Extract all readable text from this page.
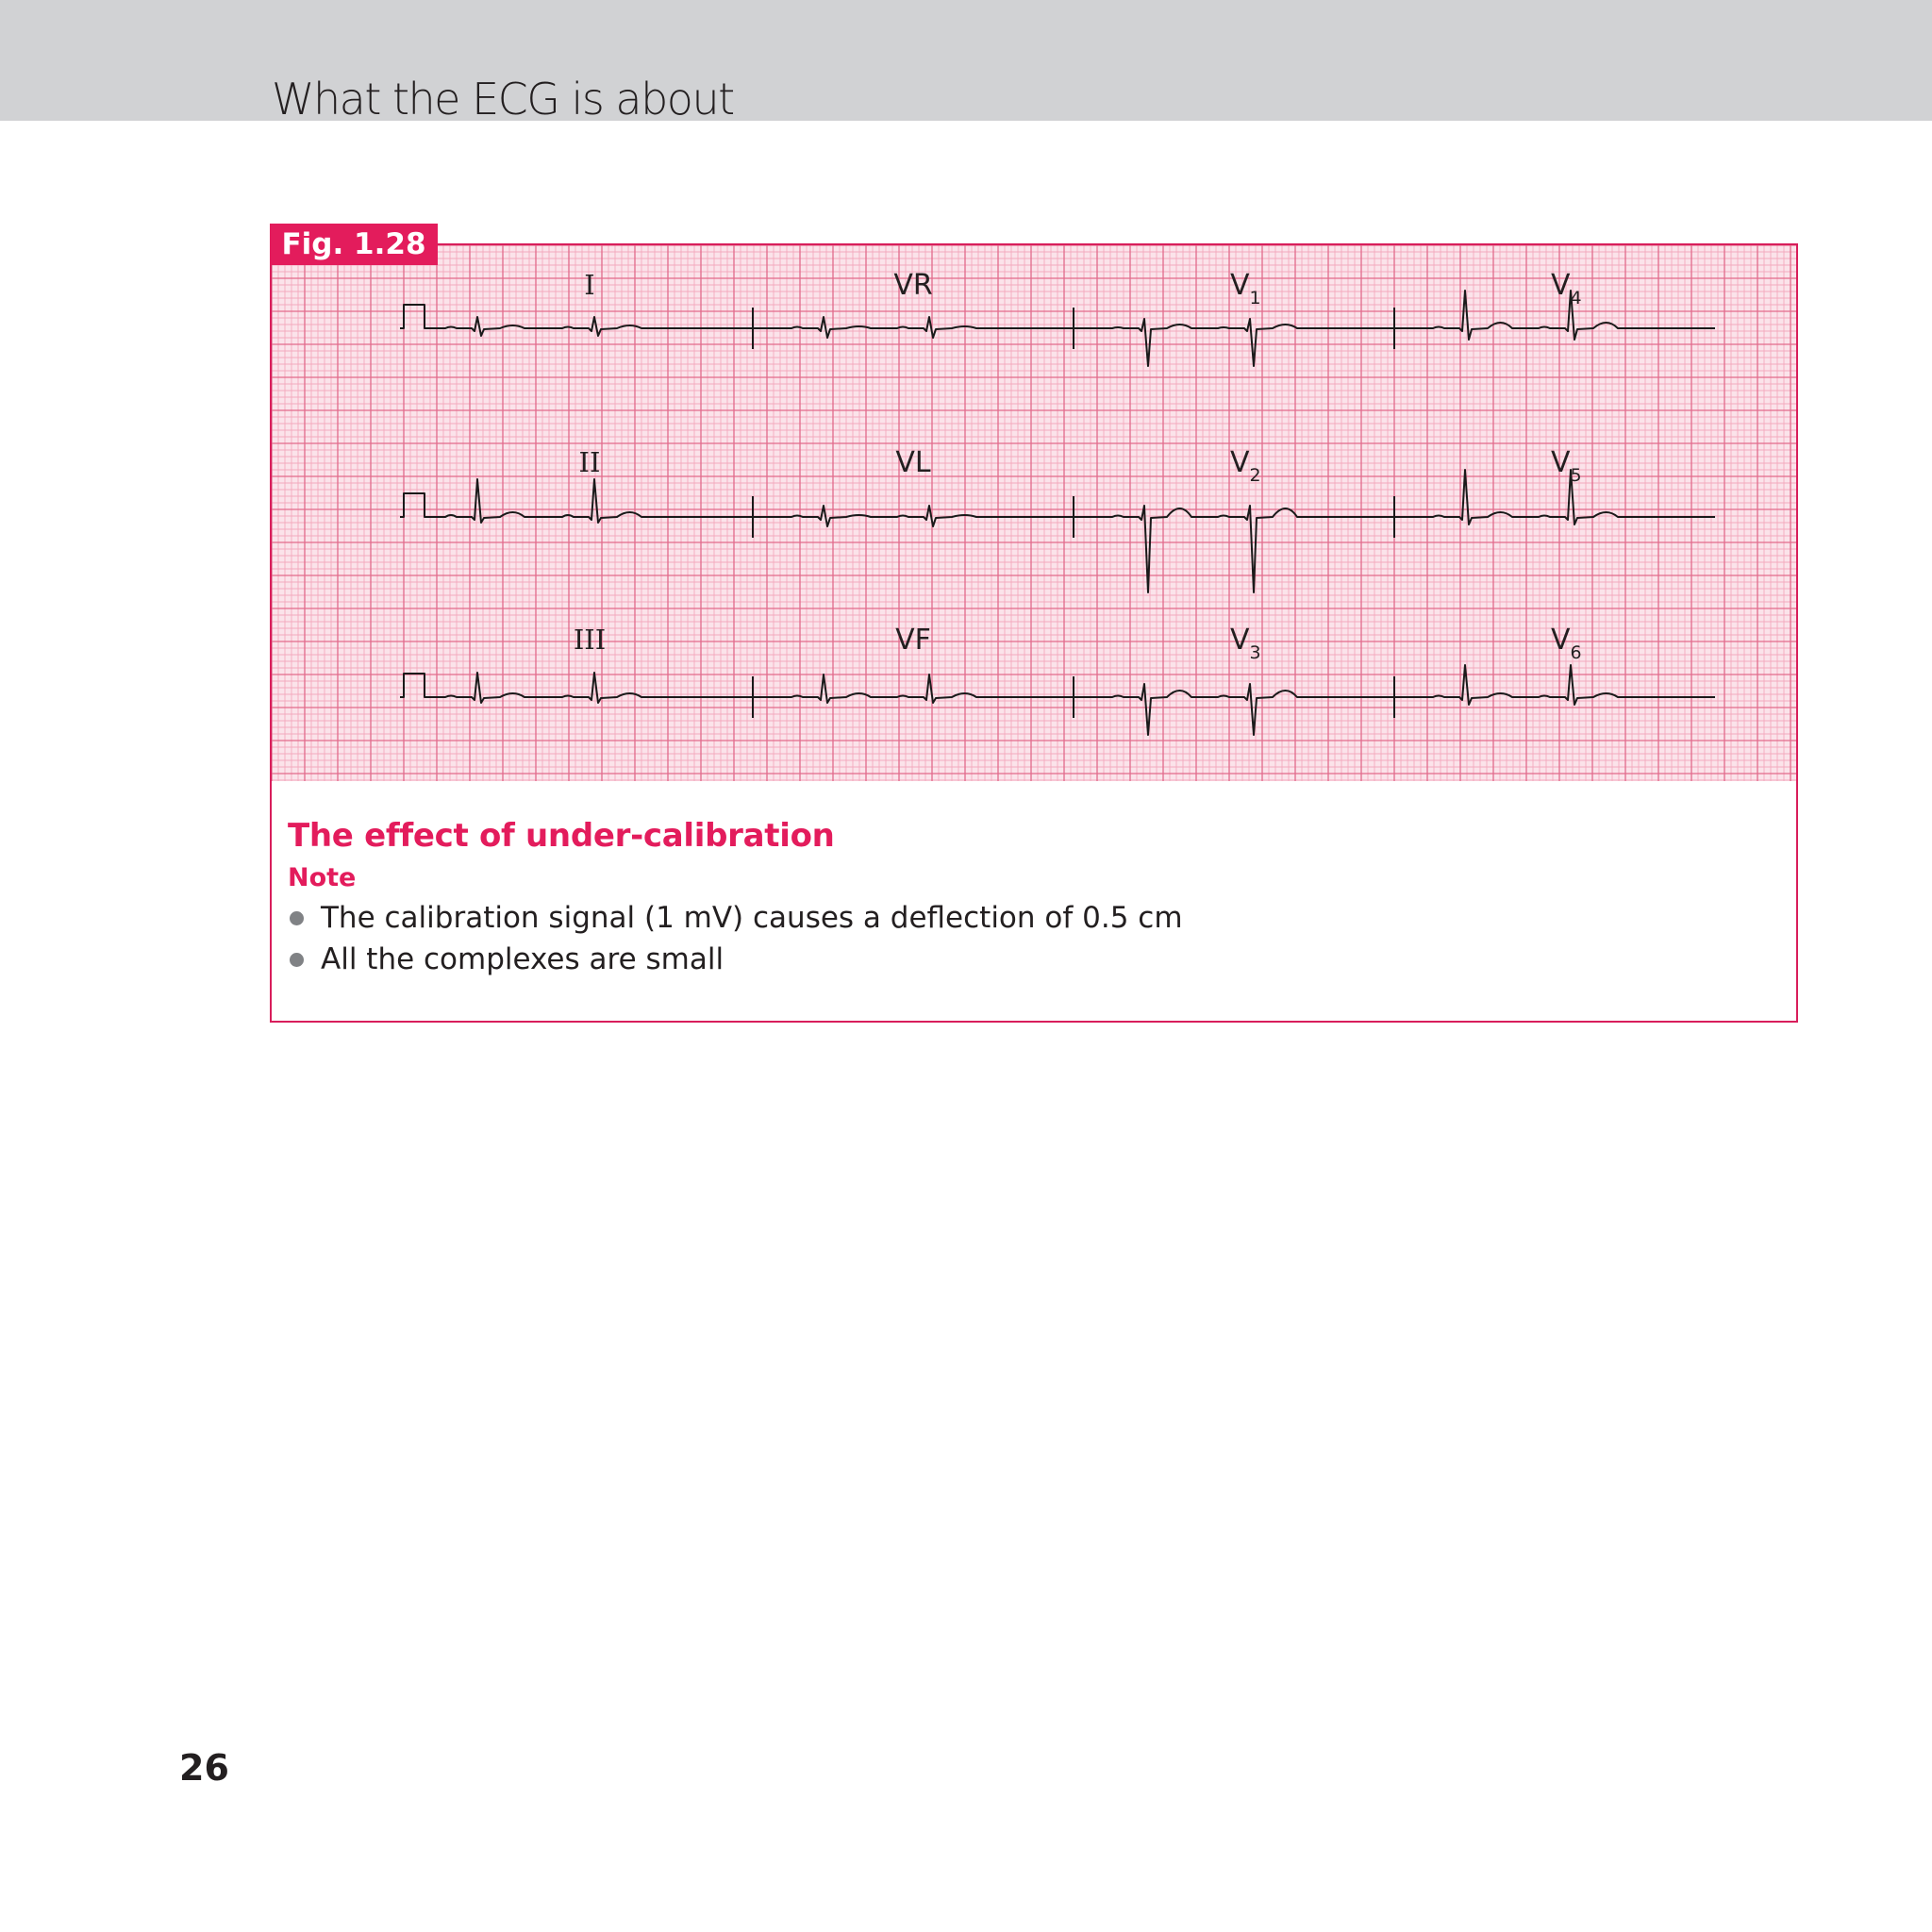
What the ECG is about
Fig. 1.28
I	VR	$V_1$	$V_4$
II	VL	$V_2$	$V_5$
III	VF	$V_3$	$V_6$
The effect of under-calibration
Note
The calibration signal (1 mV) causes a deflection of 0.5 cm
All the complexes are small
26
